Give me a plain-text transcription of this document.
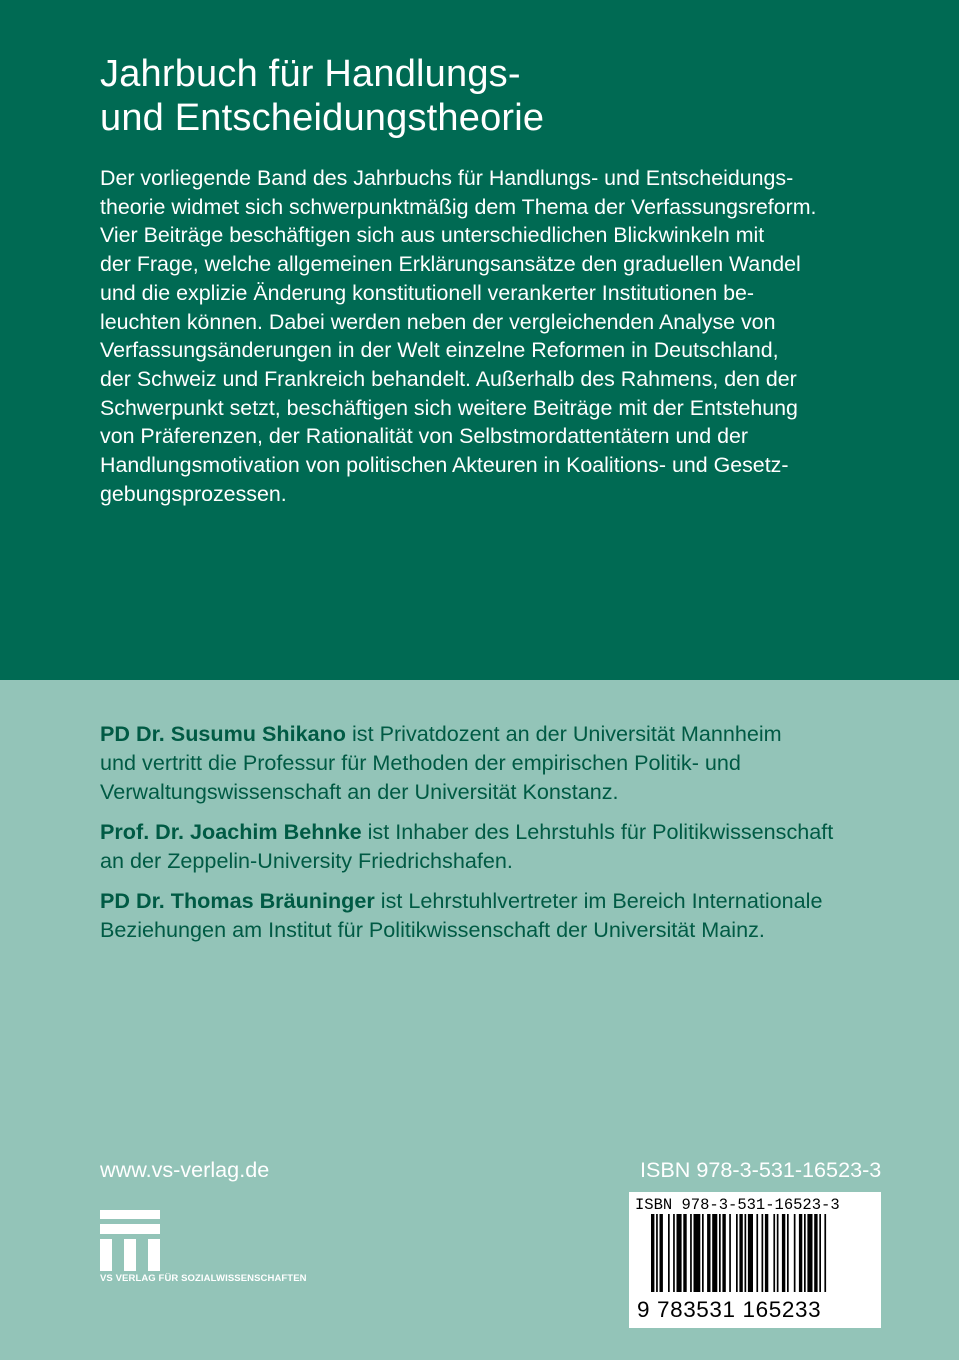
Jahrbuch für Handlungs-
und Entscheidungstheorie
Der vorliegende Band des Jahrbuchs für Handlungs- und Entscheidungs-
theorie widmet sich schwerpunktmäßig dem Thema der Verfassungsreform.
Vier Beiträge beschäftigen sich aus unterschiedlichen Blickwinkeln mit
der Frage, welche allgemeinen Erklärungsansätze den graduellen Wandel
und die explizie Änderung konstitutionell verankerter Institutionen be-
leuchten können. Dabei werden neben der vergleichenden Analyse von
Verfassungsänderungen in der Welt einzelne Reformen in Deutschland,
der Schweiz und Frankreich behandelt. Außerhalb des Rahmens, den der
Schwerpunkt setzt, beschäftigen sich weitere Beiträge mit der Entstehung
von Präferenzen, der Rationalität von Selbstmordattentätern und der
Handlungsmotivation von politischen Akteuren in Koalitions- und Gesetz-
gebungsprozessen.
PD Dr. Susumu Shikano ist Privatdozent an der Universität Mannheim
und vertritt die Professur für Methoden der empirischen Politik- und
Verwaltungswissenschaft an der Universität Konstanz.
Prof. Dr. Joachim Behnke ist Inhaber des Lehrstuhls für Politikwissenschaft
an der Zeppelin-University Friedrichshafen.
PD Dr. Thomas Bräuninger ist Lehrstuhlvertreter im Bereich Internationale
Beziehungen am Institut für Politikwissenschaft der Universität Mainz.
www.vs-verlag.de	ISBN 978-3-531-16523-3
VS VERLAG FÜR SOZIALWISSENSCHAFTEN
ISBN 978-3-531-16523-3
9 783531 165233
